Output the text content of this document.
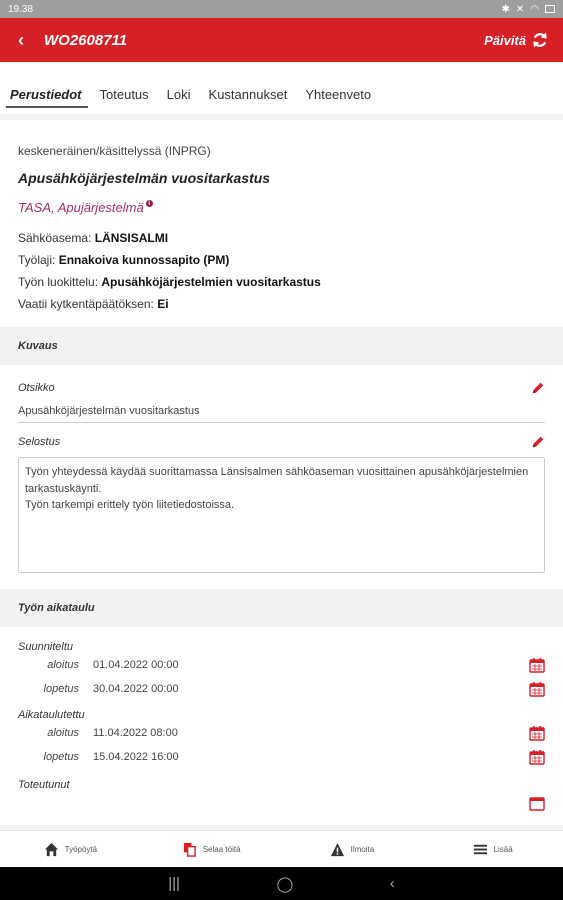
19.38	✱ ✕ ◠
‹ WO2608711	Päivitä
Perustiedot	Toteutus	Loki	Kustannukset	Yhteenveto
keskeneräinen/käsittelyssä (INPRG)
Apusähköjärjestelmän vuositarkastus
TASA, Apujärjestelmä i
Sähköasema: LÄNSISALMI
Työlaji: Ennakoiva kunnossapito (PM)
Työn luokittelu: Apusähköjärjestelmien vuositarkastus
Vaatii kytkentäpäätöksen: Ei
Kuvaus
Otsikko
Apusähköjärjestelmän vuositarkastus
Selostus
Työn yhteydessä käydää suorittamassa Länsisalmen sähköaseman vuosittainen apusähköjärjestelmien tarkastuskäynti.
Työn tarkempi erittely työn liitetiedostoissa.
Työn aikataulu
Suunniteltu
aloitus	01.04.2022 00:00
lopetus	30.04.2022 00:00
Aikataulutettu
aloitus	11.04.2022 08:00
lopetus	15.04.2022 16:00
Toteutunut
Työpöytä	Selaa töitä	Ilmoita	Lisää
|||	◯	‹
